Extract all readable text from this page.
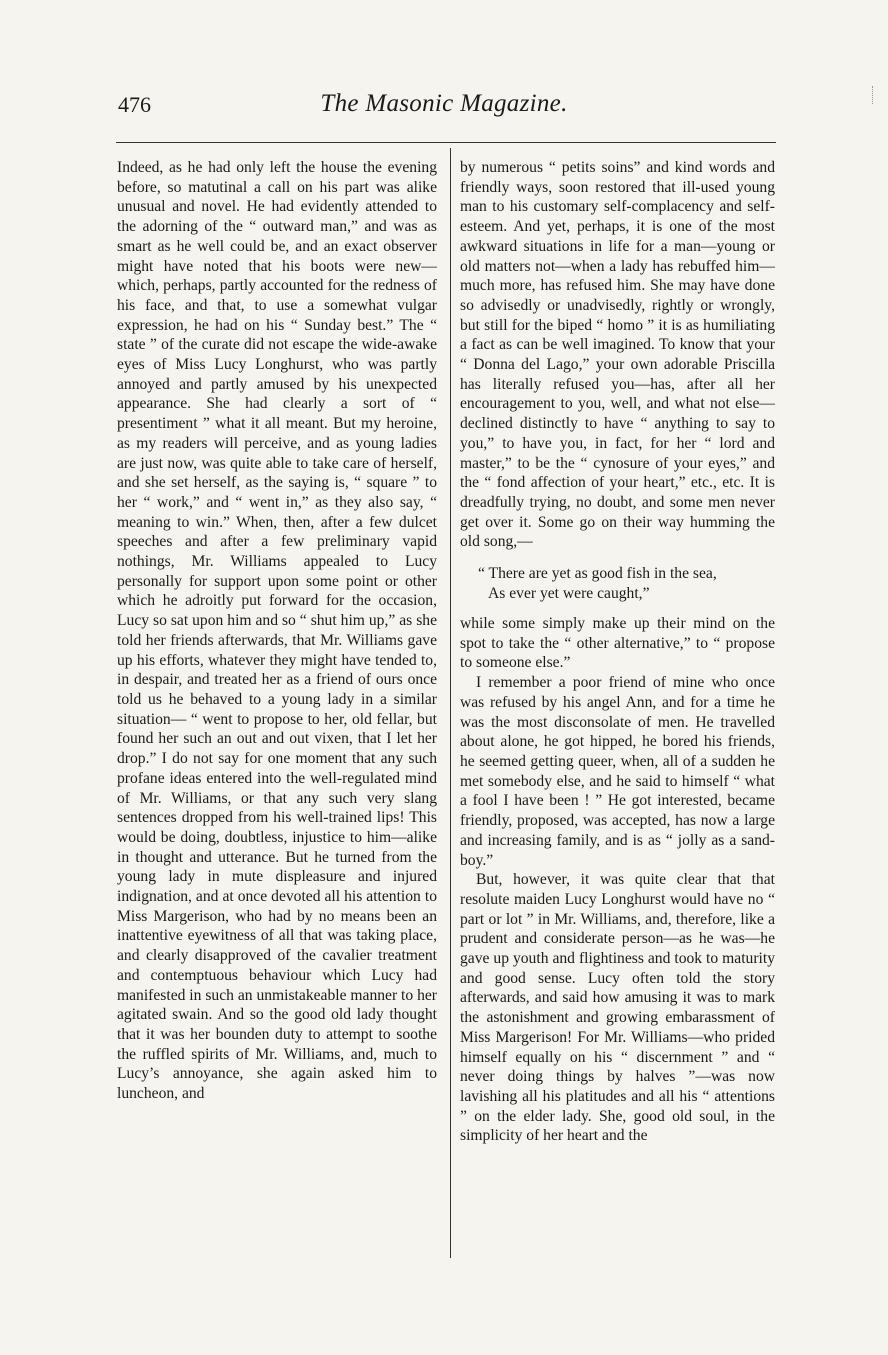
476	The Masonic Magazine.

Indeed, as he had only left the house the evening before, so matutinal a call on his part was alike unusual and novel. He had evidently attended to the adorning of the “ outward man,” and was as smart as he well could be, and an exact observer might have noted that his boots were new— which, perhaps, partly accounted for the redness of his face, and that, to use a somewhat vulgar expression, he had on his “ Sunday best.” The “ state ” of the curate did not escape the wide-awake eyes of Miss Lucy Longhurst, who was partly annoyed and partly amused by his unexpected appearance. She had clearly a sort of “ presentiment ” what it all meant. But my heroine, as my readers will perceive, and as young ladies are just now, was quite able to take care of herself, and she set herself, as the saying is, “ square ” to her “ work,” and “ went in,” as they also say, “ meaning to win.” When, then, after a few dulcet speeches and after a few preliminary vapid nothings, Mr. Williams appealed to Lucy personally for support upon some point or other which he adroitly put forward for the occasion, Lucy so sat upon him and so “ shut him up,” as she told her friends afterwards, that Mr. Williams gave up his efforts, whatever they might have tended to, in despair, and treated her as a friend of ours once told us he behaved to a young lady in a similar situation— “ went to propose to her, old fellar, but found her such an out and out vixen, that I let her drop.” I do not say for one moment that any such profane ideas entered into the well-regulated mind of Mr. Williams, or that any such very slang sentences dropped from his well-trained lips! This would be doing, doubtless, injustice to him—alike in thought and utterance. But he turned from the young lady in mute displeasure and injured indignation, and at once devoted all his attention to Miss Margerison, who had by no means been an inattentive eyewitness of all that was taking place, and clearly disapproved of the cavalier treatment and contemptuous behaviour which Lucy had manifested in such an unmistakeable manner to her agitated swain. And so the good old lady thought that it was her bounden duty to attempt to soothe the ruffled spirits of Mr. Williams, and, much to Lucy’s annoyance, she again asked him to luncheon, and

by numerous “ petits soins” and kind words and friendly ways, soon restored that ill-used young man to his customary self-complacency and self-esteem. And yet, perhaps, it is one of the most awkward situations in life for a man—young or old matters not—when a lady has rebuffed him—much more, has refused him. She may have done so advisedly or unadvisedly, rightly or wrongly, but still for the biped “ homo ” it is as humiliating a fact as can be well imagined. To know that your “ Donna del Lago,” your own adorable Priscilla has literally refused you—has, after all her encouragement to you, well, and what not else—declined distinctly to have “ anything to say to you,” to have you, in fact, for her “ lord and master,” to be the “ cynosure of your eyes,” and the “ fond affection of your heart,” etc., etc. It is dreadfully trying, no doubt, and some men never get over it. Some go on their way humming the old song,—

“ There are yet as good fish in the sea,
As ever yet were caught,”

while some simply make up their mind on the spot to take the “ other alternative,” to “ propose to someone else.”

I remember a poor friend of mine who once was refused by his angel Ann, and for a time he was the most disconsolate of men. He travelled about alone, he got hipped, he bored his friends, he seemed getting queer, when, all of a sudden he met somebody else, and he said to himself “ what a fool I have been ! ” He got interested, became friendly, proposed, was accepted, has now a large and increasing family, and is as “ jolly as a sand-boy.”

But, however, it was quite clear that that resolute maiden Lucy Longhurst would have no “ part or lot ” in Mr. Williams, and, therefore, like a prudent and considerate person—as he was—he gave up youth and flightiness and took to maturity and good sense. Lucy often told the story afterwards, and said how amusing it was to mark the astonishment and growing embarassment of Miss Margerison! For Mr. Williams—who prided himself equally on his “ discernment ” and “ never doing things by halves ”—was now lavishing all his platitudes and all his “ attentions ” on the elder lady. She, good old soul, in the simplicity of her heart and the
